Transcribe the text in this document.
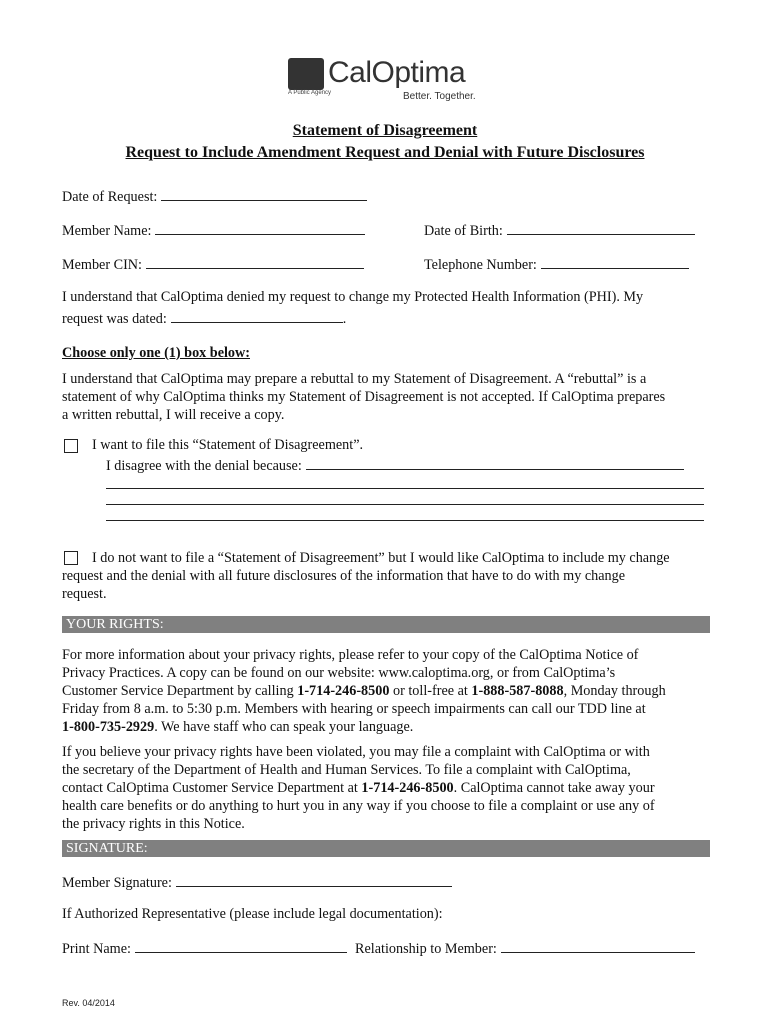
CalOptima
A Public Agency	Better. Together.
Statement of Disagreement
Request to Include Amendment Request and Denial with Future Disclosures
Date of Request:
Member Name:	Date of Birth:
Member CIN:	Telephone Number:
I understand that CalOptima denied my request to change my Protected Health Information (PHI). My
request was dated:	.
Choose only one (1) box below:
I understand that CalOptima may prepare a rebuttal to my Statement of Disagreement. A “rebuttal” is a
statement of why CalOptima thinks my Statement of Disagreement is not accepted. If CalOptima prepares
a written rebuttal, I will receive a copy.
I want to file this “Statement of Disagreement”.
I disagree with the denial because:
I do not want to file a “Statement of Disagreement” but I would like CalOptima to include my change
request and the denial with all future disclosures of the information that have to do with my change
request.
YOUR RIGHTS:
For more information about your privacy rights, please refer to your copy of the CalOptima Notice of
Privacy Practices. A copy can be found on our website: www.caloptima.org, or from CalOptima’s
Customer Service Department by calling 1-714-246-8500 or toll-free at 1-888-587-8088, Monday through
Friday from 8 a.m. to 5:30 p.m. Members with hearing or speech impairments can call our TDD line at
1-800-735-2929. We have staff who can speak your language.
If you believe your privacy rights have been violated, you may file a complaint with CalOptima or with
the secretary of the Department of Health and Human Services. To file a complaint with CalOptima,
contact CalOptima Customer Service Department at 1-714-246-8500. CalOptima cannot take away your
health care benefits or do anything to hurt you in any way if you choose to file a complaint or use any of
the privacy rights in this Notice.
SIGNATURE:
Member Signature:
If Authorized Representative (please include legal documentation):
Print Name:	Relationship to Member:
Rev. 04/2014
